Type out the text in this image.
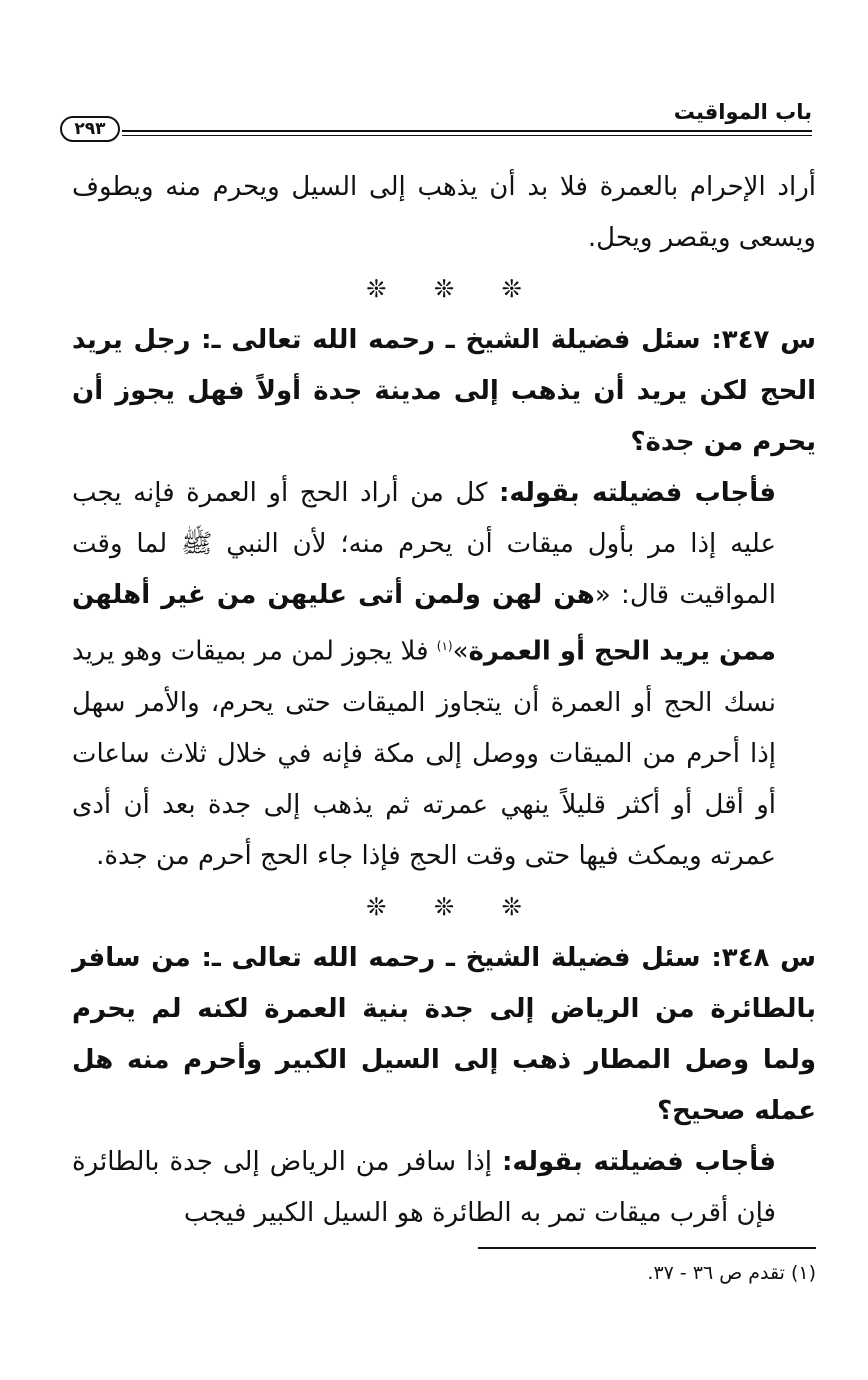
باب المواقيت
٢٩٣
أراد الإحرام بالعمرة فلا بد أن يذهب إلى السيل ويحرم منه ويطوف ويسعى ويقصر ويحل.
❊ ❊ ❊
س ٣٤٧: سئل فضيلة الشيخ ـ رحمه الله تعالى ـ: رجل يريد الحج لكن يريد أن يذهب إلى مدينة جدة أولاً فهل يجوز أن يحرم من جدة؟
فأجاب فضيلته بقوله: كل من أراد الحج أو العمرة فإنه يجب عليه إذا مر بأول ميقات أن يحرم منه؛ لأن النبي ﷺ لما وقت المواقيت قال: «هن لهن ولمن أتى عليهن من غير أهلهن ممن يريد الحج أو العمرة»$^{(١)}$ فلا يجوز لمن مر بميقات وهو يريد نسك الحج أو العمرة أن يتجاوز الميقات حتى يحرم، والأمر سهل إذا أحرم من الميقات ووصل إلى مكة فإنه في خلال ثلاث ساعات أو أقل أو أكثر قليلاً ينهي عمرته ثم يذهب إلى جدة بعد أن أدى عمرته ويمكث فيها حتى وقت الحج فإذا جاء الحج أحرم من جدة.
❊ ❊ ❊
س ٣٤٨: سئل فضيلة الشيخ ـ رحمه الله تعالى ـ: من سافر بالطائرة من الرياض إلى جدة بنية العمرة لكنه لم يحرم ولما وصل المطار ذهب إلى السيل الكبير وأحرم منه هل عمله صحيح؟
فأجاب فضيلته بقوله: إذا سافر من الرياض إلى جدة بالطائرة فإن أقرب ميقات تمر به الطائرة هو السيل الكبير فيجب
(١) تقدم ص ٣٦ - ٣٧.
